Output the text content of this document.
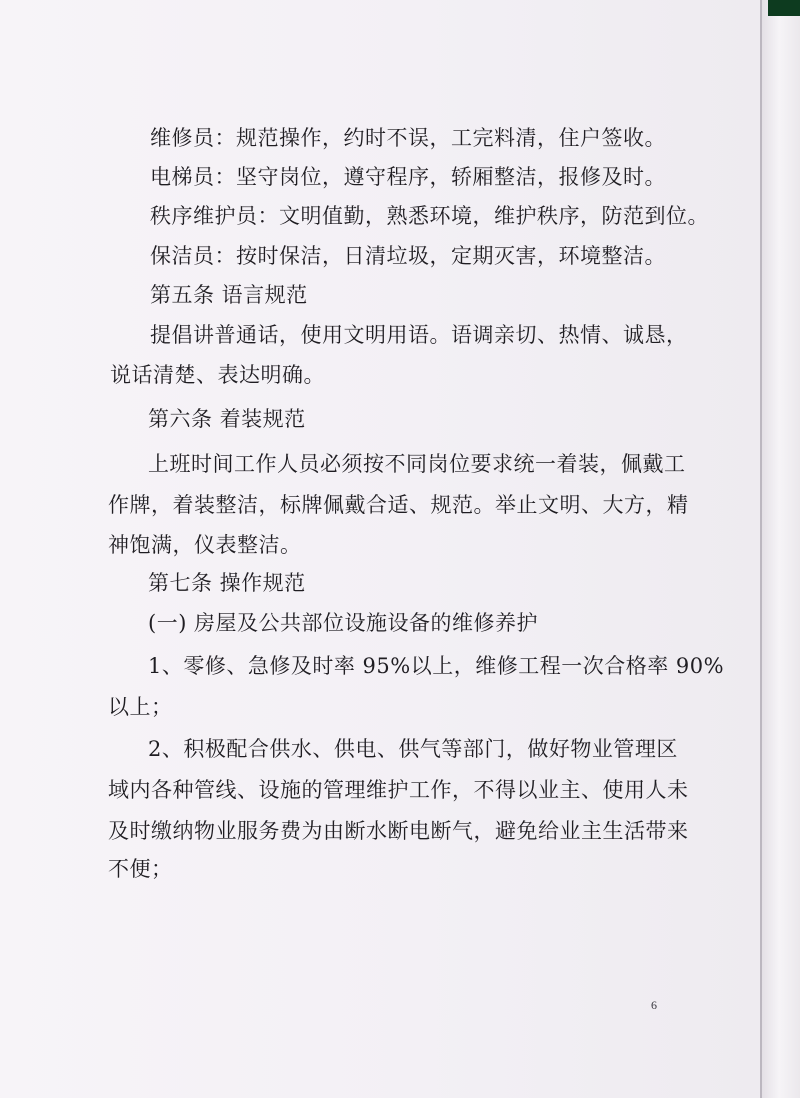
维修员：规范操作，约时不误，工完料清，住户签收。
电梯员：坚守岗位，遵守程序，轿厢整洁，报修及时。
秩序维护员：文明值勤，熟悉环境，维护秩序，防范到位。
保洁员：按时保洁，日清垃圾，定期灭害，环境整洁。
第五条 语言规范
提倡讲普通话，使用文明用语。语调亲切、热情、诚恳，
说话清楚、表达明确。
第六条 着装规范
上班时间工作人员必须按不同岗位要求统一着装，佩戴工
作牌，着装整洁，标牌佩戴合适、规范。举止文明、大方，精
神饱满，仪表整洁。
第七条 操作规范
(一) 房屋及公共部位设施设备的维修养护
1、零修、急修及时率 95%以上，维修工程一次合格率 90%
以上；
2、积极配合供水、供电、供气等部门，做好物业管理区
域内各种管线、设施的管理维护工作，不得以业主、使用人未
及时缴纳物业服务费为由断水断电断气，避免给业主生活带来
不便；
6
